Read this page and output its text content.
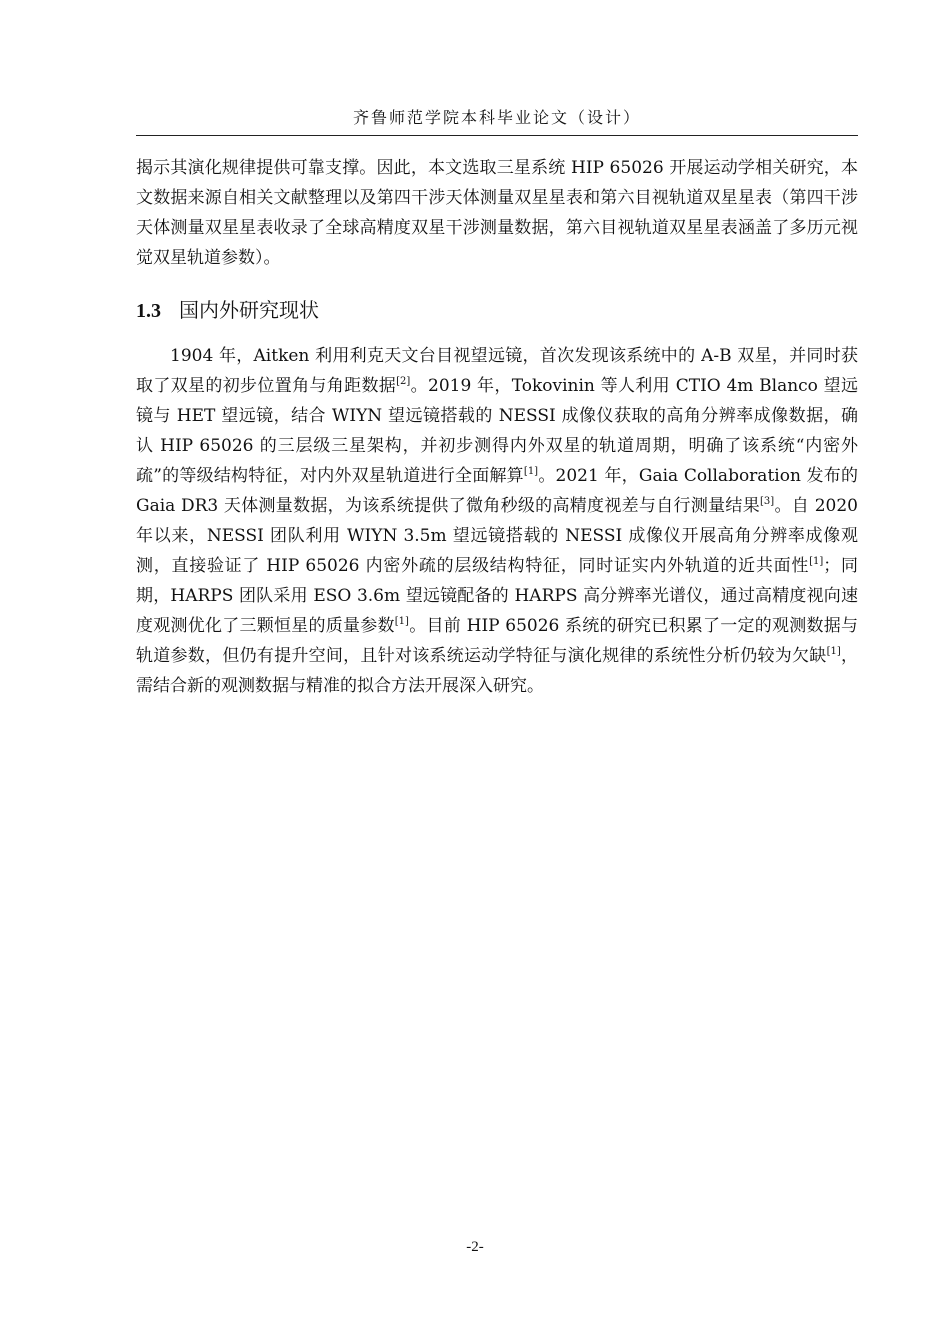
齐鲁师范学院本科毕业论文（设计）

揭示其演化规律提供可靠支撑。因此，本文选取三星系统 HIP 65026 开展运动学相关研究，本文数据来源自相关文献整理以及第四干涉天体测量双星星表和第六目视轨道双星星表（第四干涉天体测量双星星表收录了全球高精度双星干涉测量数据，第六目视轨道双星星表涵盖了多历元视觉双星轨道参数）。

1.3 国内外研究现状

1904 年，Aitken 利用利克天文台目视望远镜，首次发现该系统中的 A-B 双星，并同时获取了双星的初步位置角与角距数据[2]。2019 年，Tokovinin 等人利用 CTIO 4m Blanco 望远镜与 HET 望远镜，结合 WIYN 望远镜搭载的 NESSI 成像仪获取的高角分辨率成像数据，确认 HIP 65026 的三层级三星架构，并初步测得内外双星的轨道周期，明确了该系统“内密外疏”的等级结构特征，对内外双星轨道进行全面解算[1]。2021 年，Gaia Collaboration 发布的 Gaia DR3 天体测量数据，为该系统提供了微角秒级的高精度视差与自行测量结果[3]。自 2020 年以来，NESSI 团队利用 WIYN 3.5m 望远镜搭载的 NESSI 成像仪开展高角分辨率成像观测，直接验证了 HIP 65026 内密外疏的层级结构特征，同时证实内外轨道的近共面性[1]；同期，HARPS 团队采用 ESO 3.6m 望远镜配备的 HARPS 高分辨率光谱仪，通过高精度视向速度观测优化了三颗恒星的质量参数[1]。目前 HIP 65026 系统的研究已积累了一定的观测数据与轨道参数，但仍有提升空间，且针对该系统运动学特征与演化规律的系统性分析仍较为欠缺[1]，需结合新的观测数据与精准的拟合方法开展深入研究。

-2-
